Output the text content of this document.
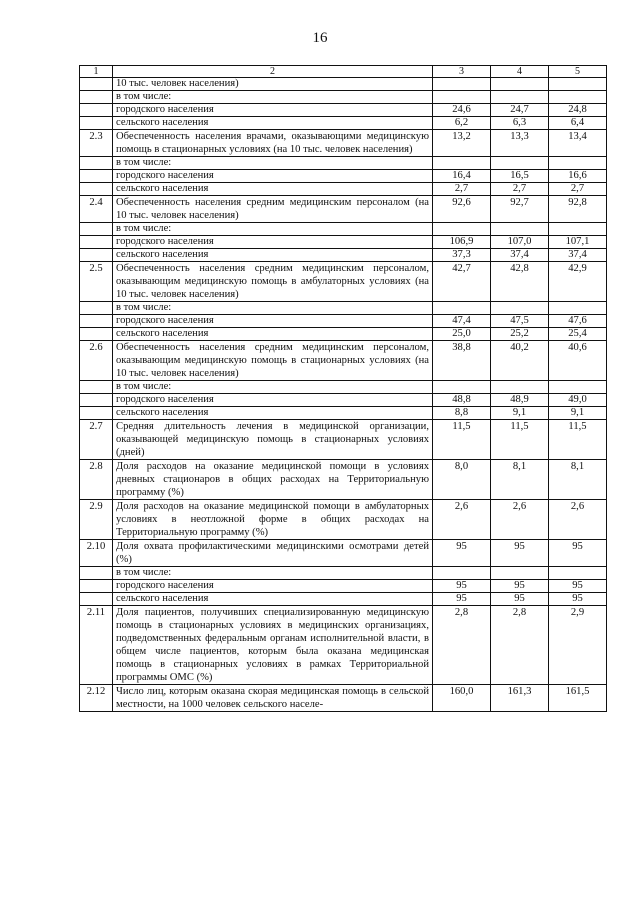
16
1	2	3	4	5
	10 тыс. человек населения)			
	в том числе:			
	городского населения	24,6	24,7	24,8
	сельского населения	6,2	6,3	6,4
2.3	Обеспеченность населения врачами, оказывающими медицинскую помощь в стационарных условиях (на 10 тыс. человек населения)	13,2	13,3	13,4
	в том числе:			
	городского населения	16,4	16,5	16,6
	сельского населения	2,7	2,7	2,7
2.4	Обеспеченность населения средним медицинским персоналом (на 10 тыс. человек населения)	92,6	92,7	92,8
	в том числе:			
	городского населения	106,9	107,0	107,1
	сельского населения	37,3	37,4	37,4
2.5	Обеспеченность населения средним медицинским персоналом, оказывающим медицинскую помощь в амбулаторных условиях (на 10 тыс. человек населения)	42,7	42,8	42,9
	в том числе:			
	городского населения	47,4	47,5	47,6
	сельского населения	25,0	25,2	25,4
2.6	Обеспеченность населения средним медицинским персоналом, оказывающим медицинскую помощь в стационарных условиях (на 10 тыс. человек населения)	38,8	40,2	40,6
	в том числе:			
	городского населения	48,8	48,9	49,0
	сельского населения	8,8	9,1	9,1
2.7	Средняя длительность лечения в медицинской организации, оказывающей медицинскую помощь в стационарных условиях (дней)	11,5	11,5	11,5
2.8	Доля расходов на оказание медицинской помощи в условиях дневных стационаров в общих расходах на Территориальную программу (%)	8,0	8,1	8,1
2.9	Доля расходов на оказание медицинской помощи в амбулаторных условиях в неотложной форме в общих расходах на Территориальную программу (%)	2,6	2,6	2,6
2.10	Доля охвата профилактическими медицинскими осмотрами детей (%)	95	95	95
	в том числе:			
	городского населения	95	95	95
	сельского населения	95	95	95
2.11	Доля пациентов, получивших специализированную медицинскую помощь в стационарных условиях в медицинских организациях, подведомственных федеральным органам исполнительной власти, в общем числе пациентов, которым была оказана медицинская помощь в стационарных условиях в рамках Территориальной программы ОМС (%)	2,8	2,8	2,9
2.12	Число лиц, которым оказана скорая медицинская помощь в сельской местности, на 1000 человек сельского населе-	160,0	161,3	161,5
